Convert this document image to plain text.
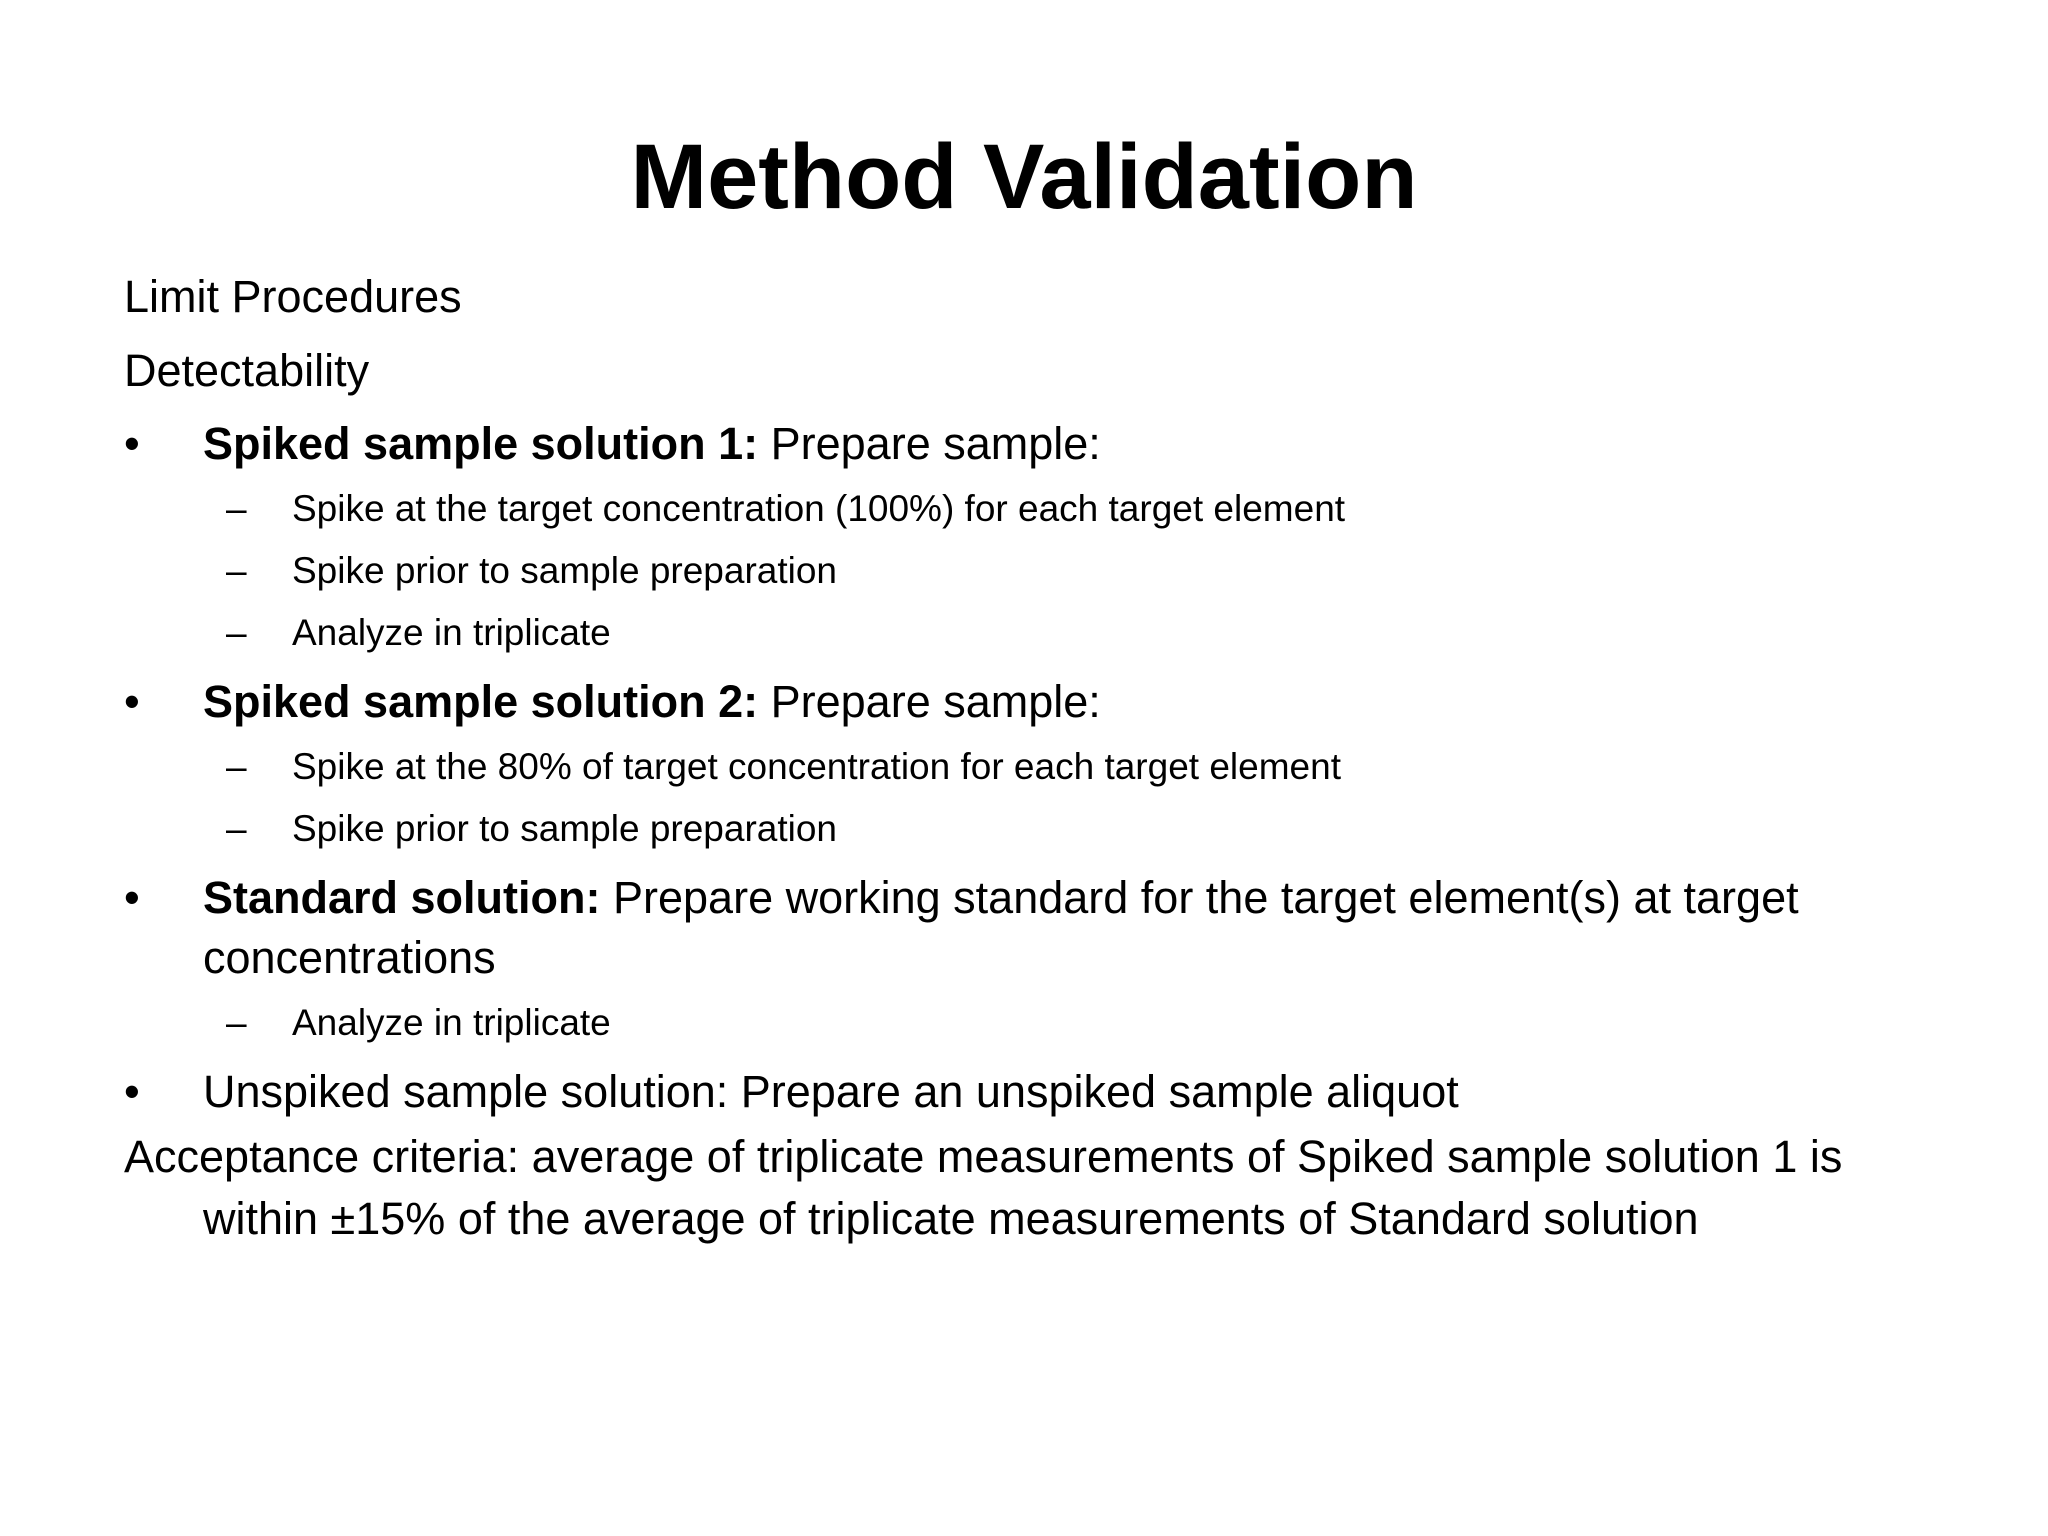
Method Validation

Limit Procedures

Detectability

•	Spiked sample solution 1: Prepare sample:
– Spike at the target concentration (100%) for each target element
– Spike prior to sample preparation
– Analyze in triplicate
•	Spiked sample solution 2: Prepare sample:
– Spike at the 80% of target concentration for each target element
– Spike prior to sample preparation
•	Standard solution: Prepare working standard for the target element(s) at target concentrations
– Analyze in triplicate
•	Unspiked sample solution: Prepare an unspiked sample aliquot

Acceptance criteria: average of triplicate measurements of Spiked sample solution 1 is within ±15% of the average of triplicate measurements of Standard solution
